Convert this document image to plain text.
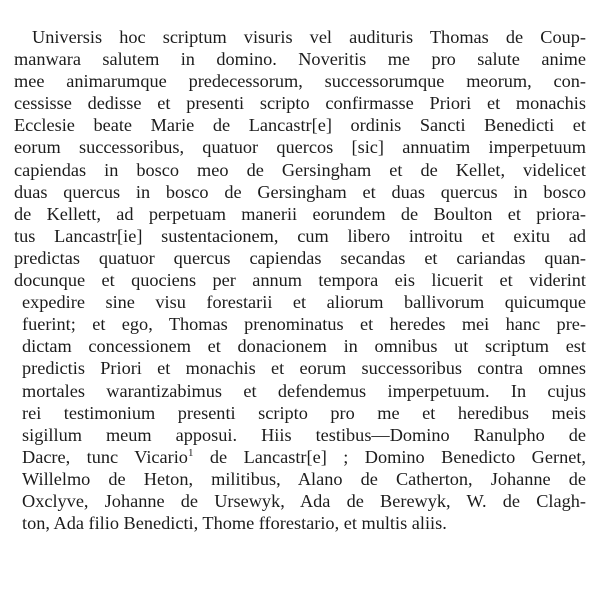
Universis hoc scriptum visuris vel audituris Thomas de Coup-
manwara salutem in domino. Noveritis me pro salute anime
mee animarumque predecessorum, successorumque meorum, con-
cessisse dedisse et presenti scripto confirmasse Priori et monachis
Ecclesie beate Marie de Lancastr[e] ordinis Sancti Benedicti et
eorum successoribus, quatuor quercos [sic] annuatim imperpetuum
capiendas in bosco meo de Gersingham et de Kellet, videlicet
duas quercus in bosco de Gersingham et duas quercus in bosco
de Kellett, ad perpetuam manerii eorundem de Boulton et priora-
tus Lancastr[ie] sustentacionem, cum libero introitu et exitu ad
predictas quatuor quercus capiendas secandas et cariandas quan-
docunque et quociens per annum tempora eis licuerit et viderint
expedire sine visu forestarii et aliorum ballivorum quicumque
fuerint; et ego, Thomas prenominatus et heredes mei hanc pre-
dictam concessionem et donacionem in omnibus ut scriptum est
predictis Priori et monachis et eorum successoribus contra omnes
mortales warantizabimus et defendemus imperpetuum. In cujus
rei testimonium presenti scripto pro me et heredibus meis
sigillum meum apposui. Hiis testibus—Domino Ranulpho de
Dacre, tunc Vicario$^1$ de Lancastr[e] ; Domino Benedicto Gernet,
Willelmo de Heton, militibus, Alano de Catherton, Johanne de
Oxclyve, Johanne de Ursewyk, Ada de Berewyk, W. de Clagh-
ton, Ada filio Benedicti, Thome fforestario, et multis aliis.
